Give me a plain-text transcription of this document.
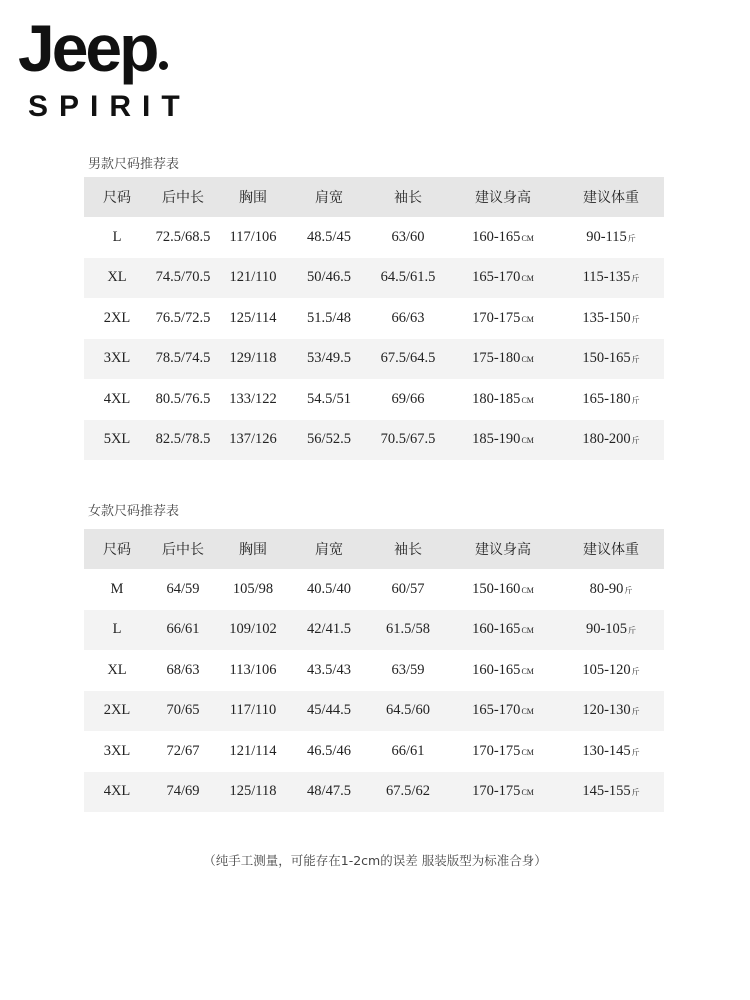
Jeep
SPIRIT
男款尺码推荐表
尺码	后中长	胸围	肩宽	袖长	建议身高	建议体重
L	72.5/68.5	117/106	48.5/45	63/60	160-165CM	90-115斤
XL	74.5/70.5	121/110	50/46.5	64.5/61.5	165-170CM	115-135斤
2XL	76.5/72.5	125/114	51.5/48	66/63	170-175CM	135-150斤
3XL	78.5/74.5	129/118	53/49.5	67.5/64.5	175-180CM	150-165斤
4XL	80.5/76.5	133/122	54.5/51	69/66	180-185CM	165-180斤
5XL	82.5/78.5	137/126	56/52.5	70.5/67.5	185-190CM	180-200斤
女款尺码推荐表
尺码	后中长	胸围	肩宽	袖长	建议身高	建议体重
M	64/59	105/98	40.5/40	60/57	150-160CM	80-90斤
L	66/61	109/102	42/41.5	61.5/58	160-165CM	90-105斤
XL	68/63	113/106	43.5/43	63/59	160-165CM	105-120斤
2XL	70/65	117/110	45/44.5	64.5/60	165-170CM	120-130斤
3XL	72/67	121/114	46.5/46	66/61	170-175CM	130-145斤
4XL	74/69	125/118	48/47.5	67.5/62	170-175CM	145-155斤
（纯手工测量，可能存在1-2cm的误差 服装版型为标准合身）
